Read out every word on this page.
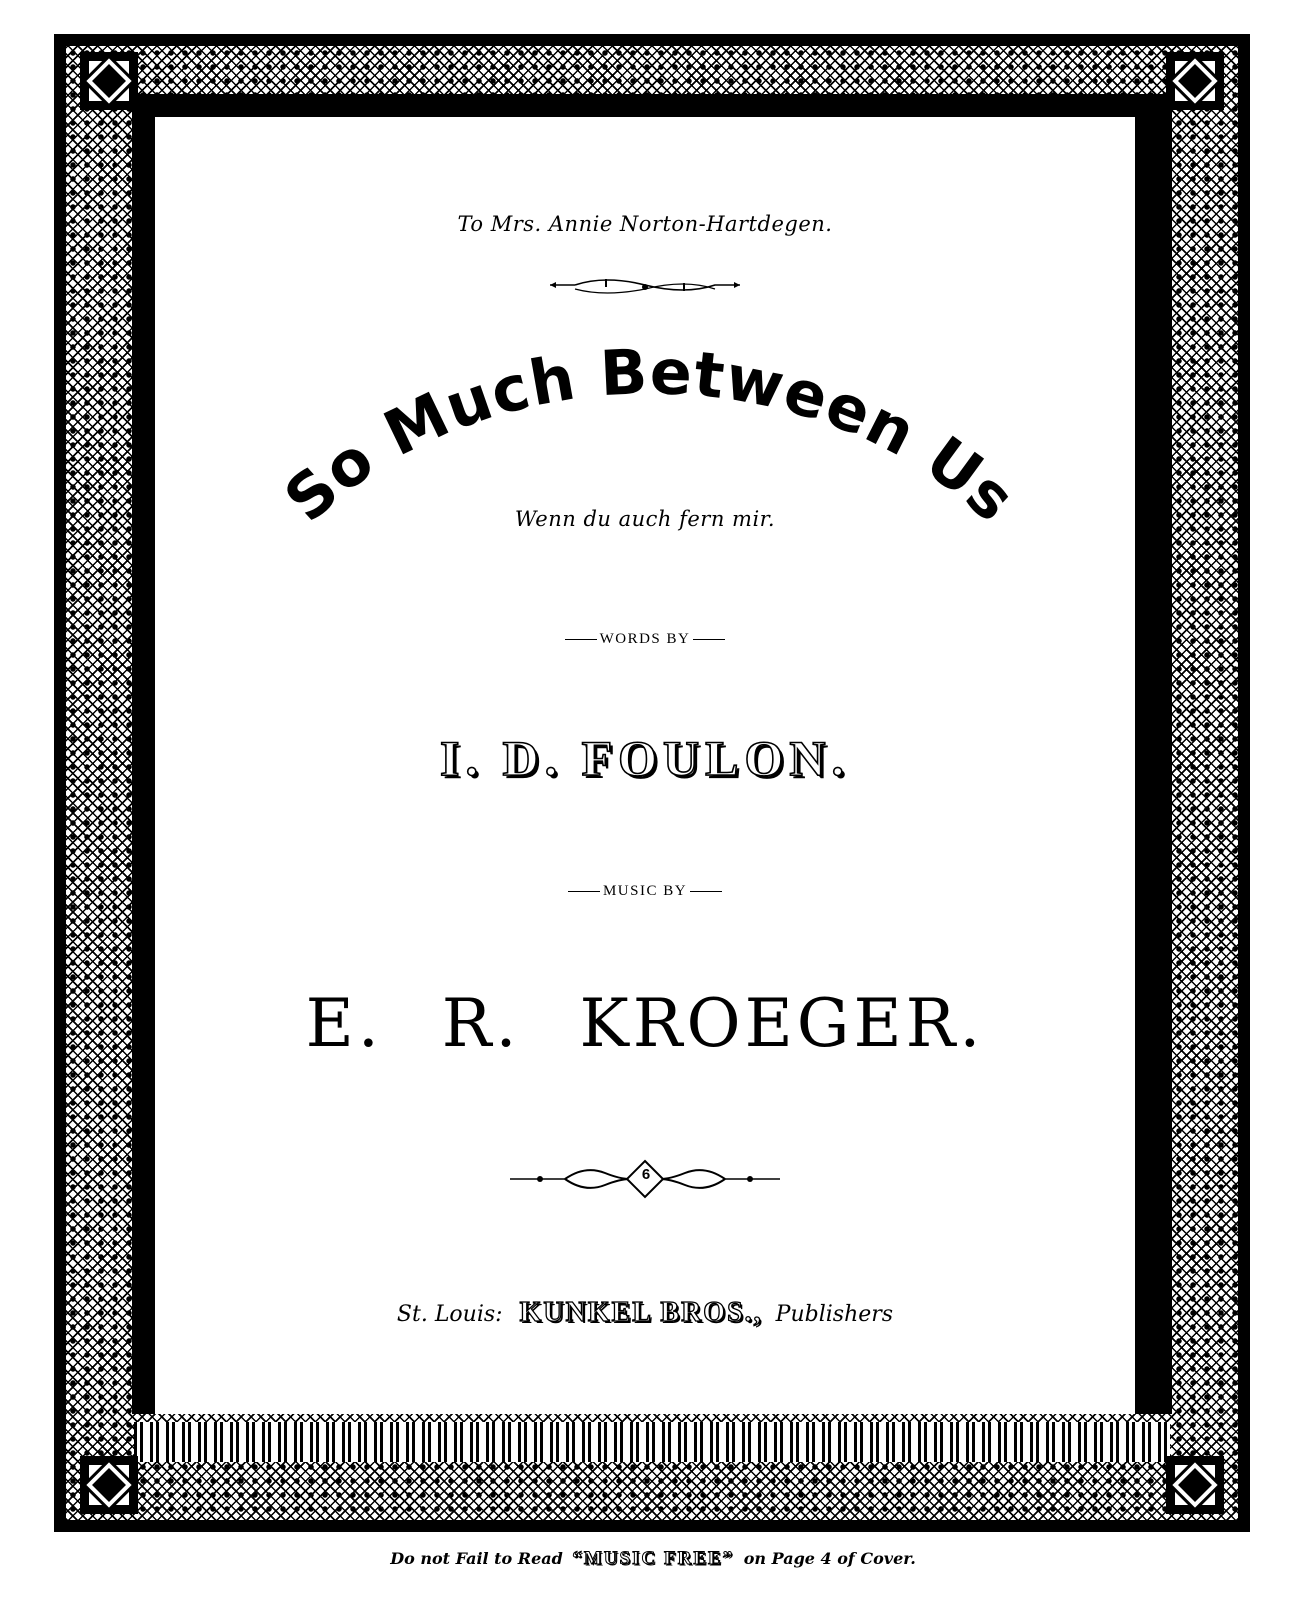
To Mrs. Annie Norton-Hartdegen.
So Much Between Us
Wenn du auch fern mir.
WORDS BY
I. D. FOULON.
MUSIC BY
E. R. KROEGER.
6
St. Louis: KUNKEL BROS., Publishers
Do not Fail to Read “MUSIC FREE” on Page 4 of Cover.
